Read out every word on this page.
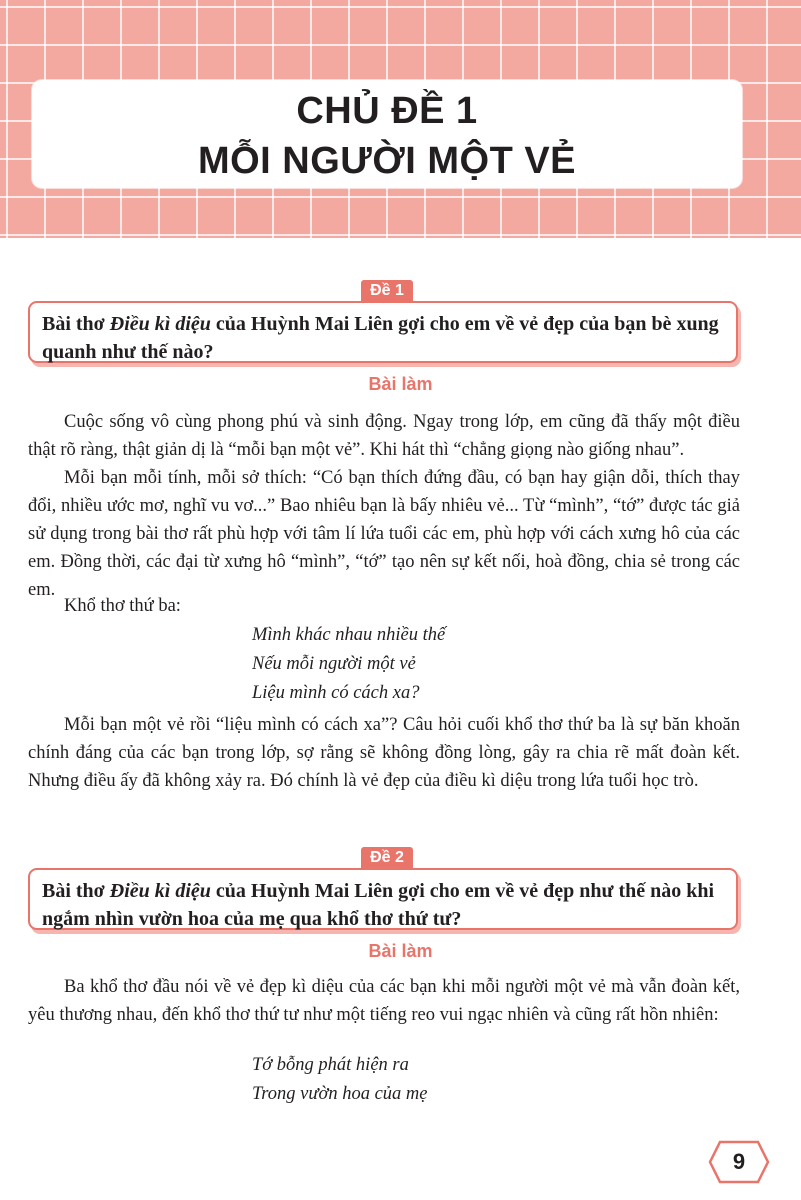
CHỦ ĐỀ 1
MỖI NGƯỜI MỘT VẺ
Đề 1
Bài thơ Điều kì diệu của Huỳnh Mai Liên gợi cho em về vẻ đẹp của bạn bè xung quanh như thế nào?
Bài làm

Cuộc sống vô cùng phong phú và sinh động. Ngay trong lớp, em cũng đã thấy một điều thật rõ ràng, thật giản dị là “mỗi bạn một vẻ”. Khi hát thì “chẳng giọng nào giống nhau”.

Mỗi bạn mỗi tính, mỗi sở thích: “Có bạn thích đứng đầu, có bạn hay giận dỗi, thích thay đổi, nhiều ước mơ, nghĩ vu vơ...” Bao nhiêu bạn là bấy nhiêu vẻ... Từ “mình”, “tớ” được tác giả sử dụng trong bài thơ rất phù hợp với tâm lí lứa tuổi các em, phù hợp với cách xưng hô của các em. Đồng thời, các đại từ xưng hô “mình”, “tớ” tạo nên sự kết nối, hoà đồng, chia sẻ trong các em.

Khổ thơ thứ ba:

Mình khác nhau nhiều thế
Nếu mỗi người một vẻ
Liệu mình có cách xa?

Mỗi bạn một vẻ rồi “liệu mình có cách xa”? Câu hỏi cuối khổ thơ thứ ba là sự băn khoăn chính đáng của các bạn trong lớp, sợ rằng sẽ không đồng lòng, gây ra chia rẽ mất đoàn kết. Nhưng điều ấy đã không xảy ra. Đó chính là vẻ đẹp của điều kì diệu trong lứa tuổi học trò.

Đề 2
Bài thơ Điều kì diệu của Huỳnh Mai Liên gợi cho em về vẻ đẹp như thế nào khi ngắm nhìn vườn hoa của mẹ qua khổ thơ thứ tư?
Bài làm

Ba khổ thơ đầu nói về vẻ đẹp kì diệu của các bạn khi mỗi người một vẻ mà vẫn đoàn kết, yêu thương nhau, đến khổ thơ thứ tư như một tiếng reo vui ngạc nhiên và cũng rất hồn nhiên:

Tớ bỗng phát hiện ra
Trong vườn hoa của mẹ
9
